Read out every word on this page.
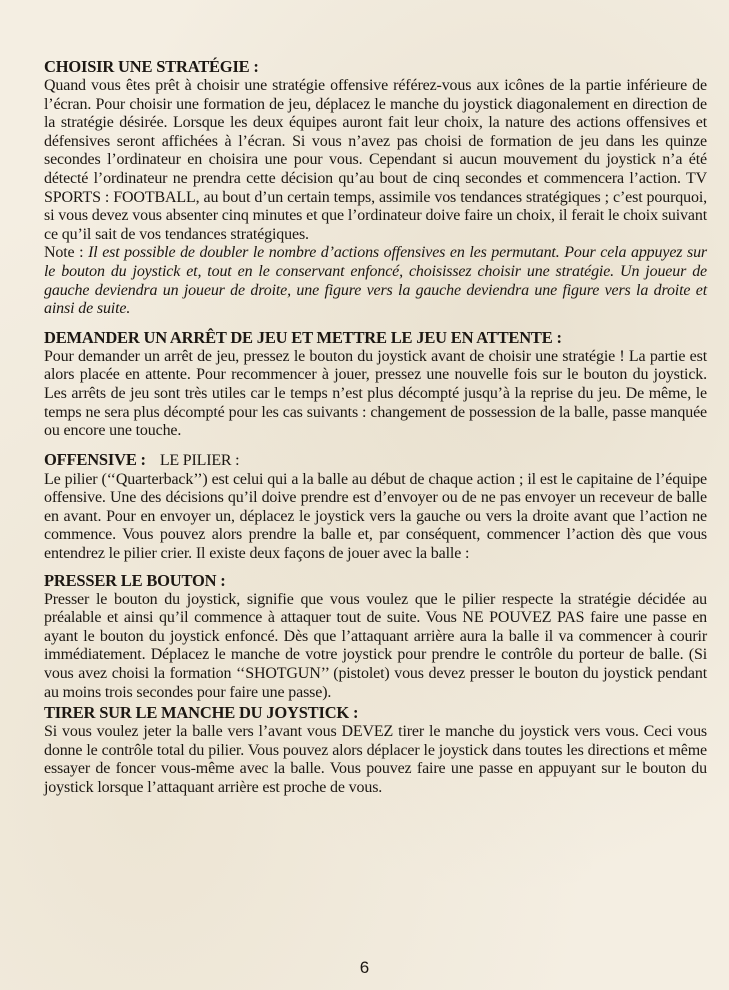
CHOISIR UNE STRATÉGIE :

Quand vous êtes prêt à choisir une stratégie offensive référez-vous aux icônes de la partie inférieure de l’écran. Pour choisir une formation de jeu, déplacez le manche du joystick diagonalement en direction de la stratégie désirée. Lorsque les deux équipes auront fait leur choix, la nature des actions offensives et défensives seront affichées à l’écran. Si vous n’avez pas choisi de formation de jeu dans les quinze secondes l’ordinateur en choisira une pour vous. Cependant si aucun mouvement du joystick n’a été détecté l’ordinateur ne prendra cette décision qu’au bout de cinq secondes et commencera l’action. TV SPORTS : FOOTBALL, au bout d’un certain temps, assimile vos tendances stratégiques ; c’est pourquoi, si vous devez vous absenter cinq minutes et que l’ordinateur doive faire un choix, il ferait le choix suivant ce qu’il sait de vos tendances stratégiques.
Note : Il est possible de doubler le nombre d’actions offensives en les permutant. Pour cela appuyez sur le bouton du joystick et, tout en le conservant enfoncé, choisissez choisir une stratégie. Un joueur de gauche deviendra un joueur de droite, une figure vers la gauche deviendra une figure vers la droite et ainsi de suite.

DEMANDER UN ARRÊT DE JEU ET METTRE LE JEU EN ATTENTE :

Pour demander un arrêt de jeu, pressez le bouton du joystick avant de choisir une stratégie ! La partie est alors placée en attente. Pour recommencer à jouer, pressez une nouvelle fois sur le bouton du joystick. Les arrêts de jeu sont très utiles car le temps n’est plus décompté jusqu’à la reprise du jeu. De même, le temps ne sera plus décompté pour les cas suivants : changement de possession de la balle, passe manquée ou encore une touche.

OFFENSIVE : LE PILIER :

Le pilier (‘‘Quarterback’’) est celui qui a la balle au début de chaque action ; il est le capitaine de l’équipe offensive. Une des décisions qu’il doive prendre est d’envoyer ou de ne pas envoyer un receveur de balle en avant. Pour en envoyer un, déplacez le joystick vers la gauche ou vers la droite avant que l’action ne commence. Vous pouvez alors prendre la balle et, par conséquent, commencer l’action dès que vous entendrez le pilier crier. Il existe deux façons de jouer avec la balle :

PRESSER LE BOUTON :

Presser le bouton du joystick, signifie que vous voulez que le pilier respecte la stratégie décidée au préalable et ainsi qu’il commence à attaquer tout de suite. Vous NE POUVEZ PAS faire une passe en ayant le bouton du joystick enfoncé. Dès que l’attaquant arrière aura la balle il va commencer à courir immédiatement. Déplacez le manche de votre joystick pour prendre le contrôle du porteur de balle. (Si vous avez choisi la formation ‘‘SHOTGUN’’ (pistolet) vous devez presser le bouton du joystick pendant au moins trois secondes pour faire une passe).

TIRER SUR LE MANCHE DU JOYSTICK :

Si vous voulez jeter la balle vers l’avant vous DEVEZ tirer le manche du joystick vers vous. Ceci vous donne le contrôle total du pilier. Vous pouvez alors déplacer le joystick dans toutes les directions et même essayer de foncer vous-même avec la balle. Vous pouvez faire une passe en appuyant sur le bouton du joystick lorsque l’attaquant arrière est proche de vous.

6
